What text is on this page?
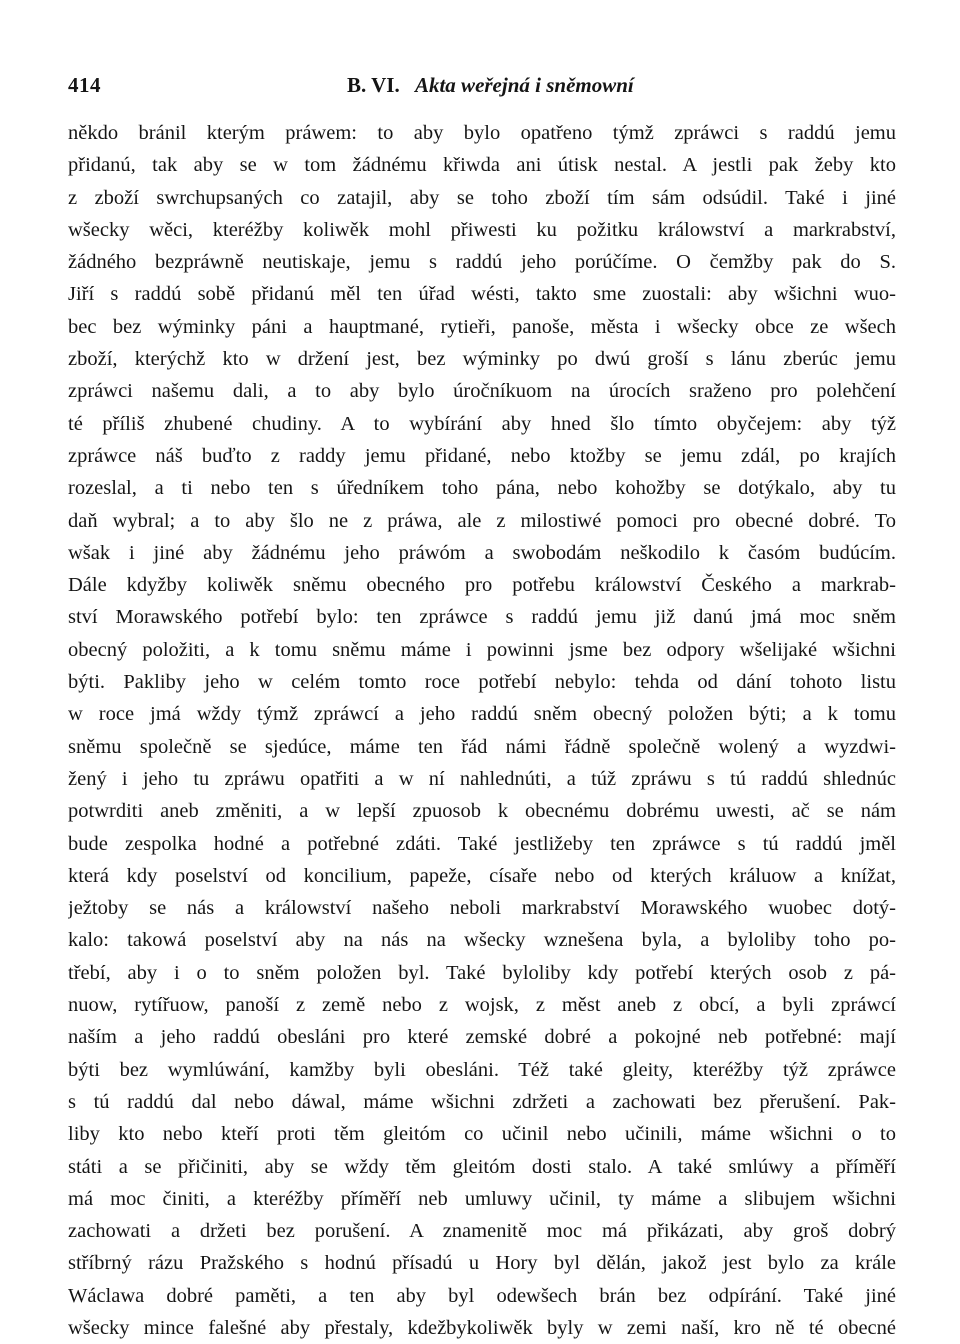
414	B. VI. Akta weřejná i sněmowní
někdo bránil kterým práwem: to aby bylo opatřeno týmž zpráwci s raddú jemu
přidanú, tak aby se w tom žádnému křiwda ani útisk nestal. A jestli pak žeby kto
z zboží swrchupsaných co zatajil, aby se toho zboží tím sám odsúdil. Také i jiné
wšecky wěci, kteréžby koliwěk mohl přiwesti ku požitku králowství a markrabství,
žádného bezpráwně neutiskaje, jemu s raddú jeho porúčíme. O čemžby pak do S.
Jiří s raddú sobě přidanú měl ten úřad wésti, takto sme zuostali: aby wšichni wuo-
bec bez wýminky páni a hauptmané, rytieři, panoše, města i wšecky obce ze wšech
zboží, kterýchž kto w držení jest, bez wýminky po dwú groší s lánu zberúc jemu
zpráwci našemu dali, a to aby bylo úročníkuom na úrocích sraženo pro polehčení
té příliš zhubené chudiny. A to wybírání aby hned šlo tímto obyčejem: aby týž
zpráwce náš buďto z raddy jemu přidané, nebo ktožby se jemu zdál, po krajích
rozeslal, a ti nebo ten s úředníkem toho pána, nebo kohožby se dotýkalo, aby tu
daň wybral; a to aby šlo ne z práwa, ale z milostiwé pomoci pro obecné dobré. To
wšak i jiné aby žádnému jeho práwóm a swobodám neškodilo k časóm budúcím.
Dále kdyžby koliwěk sněmu obecného pro potřebu králowství Českého a markrab-
ství Morawského potřebí bylo: ten zpráwce s raddú jemu již danú jmá moc sněm
obecný položiti, a k tomu sněmu máme i powinni jsme bez odpory wšelijaké wšichni
býti. Pakliby jeho w celém tomto roce potřebí nebylo: tehda od dání tohoto listu
w roce jmá wždy týmž zpráwcí a jeho raddú sněm obecný položen býti; a k tomu
sněmu společně se sjedúce, máme ten řád námi řádně společně wolený a wyzdwi-
žený i jeho tu zpráwu opatřiti a w ní nahlednúti, a túž zpráwu s tú raddú shlednúc
potwrditi aneb změniti, a w lepší zpuosob k obecnému dobrému uwesti, ač se nám
bude zespolka hodné a potřebné zdáti. Také jestližeby ten zpráwce s tú raddú jměl
která kdy poselství od koncilium, papeže, císaře nebo od kterých králuow a knížat,
ježtoby se nás a králowství našeho neboli markrabství Morawského wuobec dotý-
kalo: takowá poselství aby na nás na wšecky wznešena byla, a byloliby toho po-
třebí, aby i o to sněm položen byl. Také byloliby kdy potřebí kterých osob z pá-
nuow, rytířuow, panoší z země nebo z wojsk, z měst aneb z obcí, a byli zpráwcí
naším a jeho raddú obesláni pro které zemské dobré a pokojné neb potřebné: mají
býti bez wymlúwání, kamžby byli obesláni. Též také gleity, kteréžby týž zpráwce
s tú raddú dal nebo dáwal, máme wšichni zdržeti a zachowati bez přerušení. Pak-
liby kto nebo kteří proti těm gleitóm co učinil nebo učinili, máme wšichni o to
státi a se přičiniti, aby se wždy těm gleitóm dosti stalo. A také smlúwy a příměří
má moc činiti, a kteréžby příměří neb umluwy učinil, ty máme a slibujem wšichni
zachowati a držeti bez porušení. A znamenitě moc má přikázati, aby groš dobrý
stříbrný rázu Pražského s hodnú přísadú u Hory byl dělán, jakož jest bylo za krále
Wáclawa dobré paměti, a ten aby byl odewšech brán bez odpírání. Také jiné
wšecky mince falešné aby přestaly, kdežbykoliwěk byly w zemi naší, kro ně té obecné
